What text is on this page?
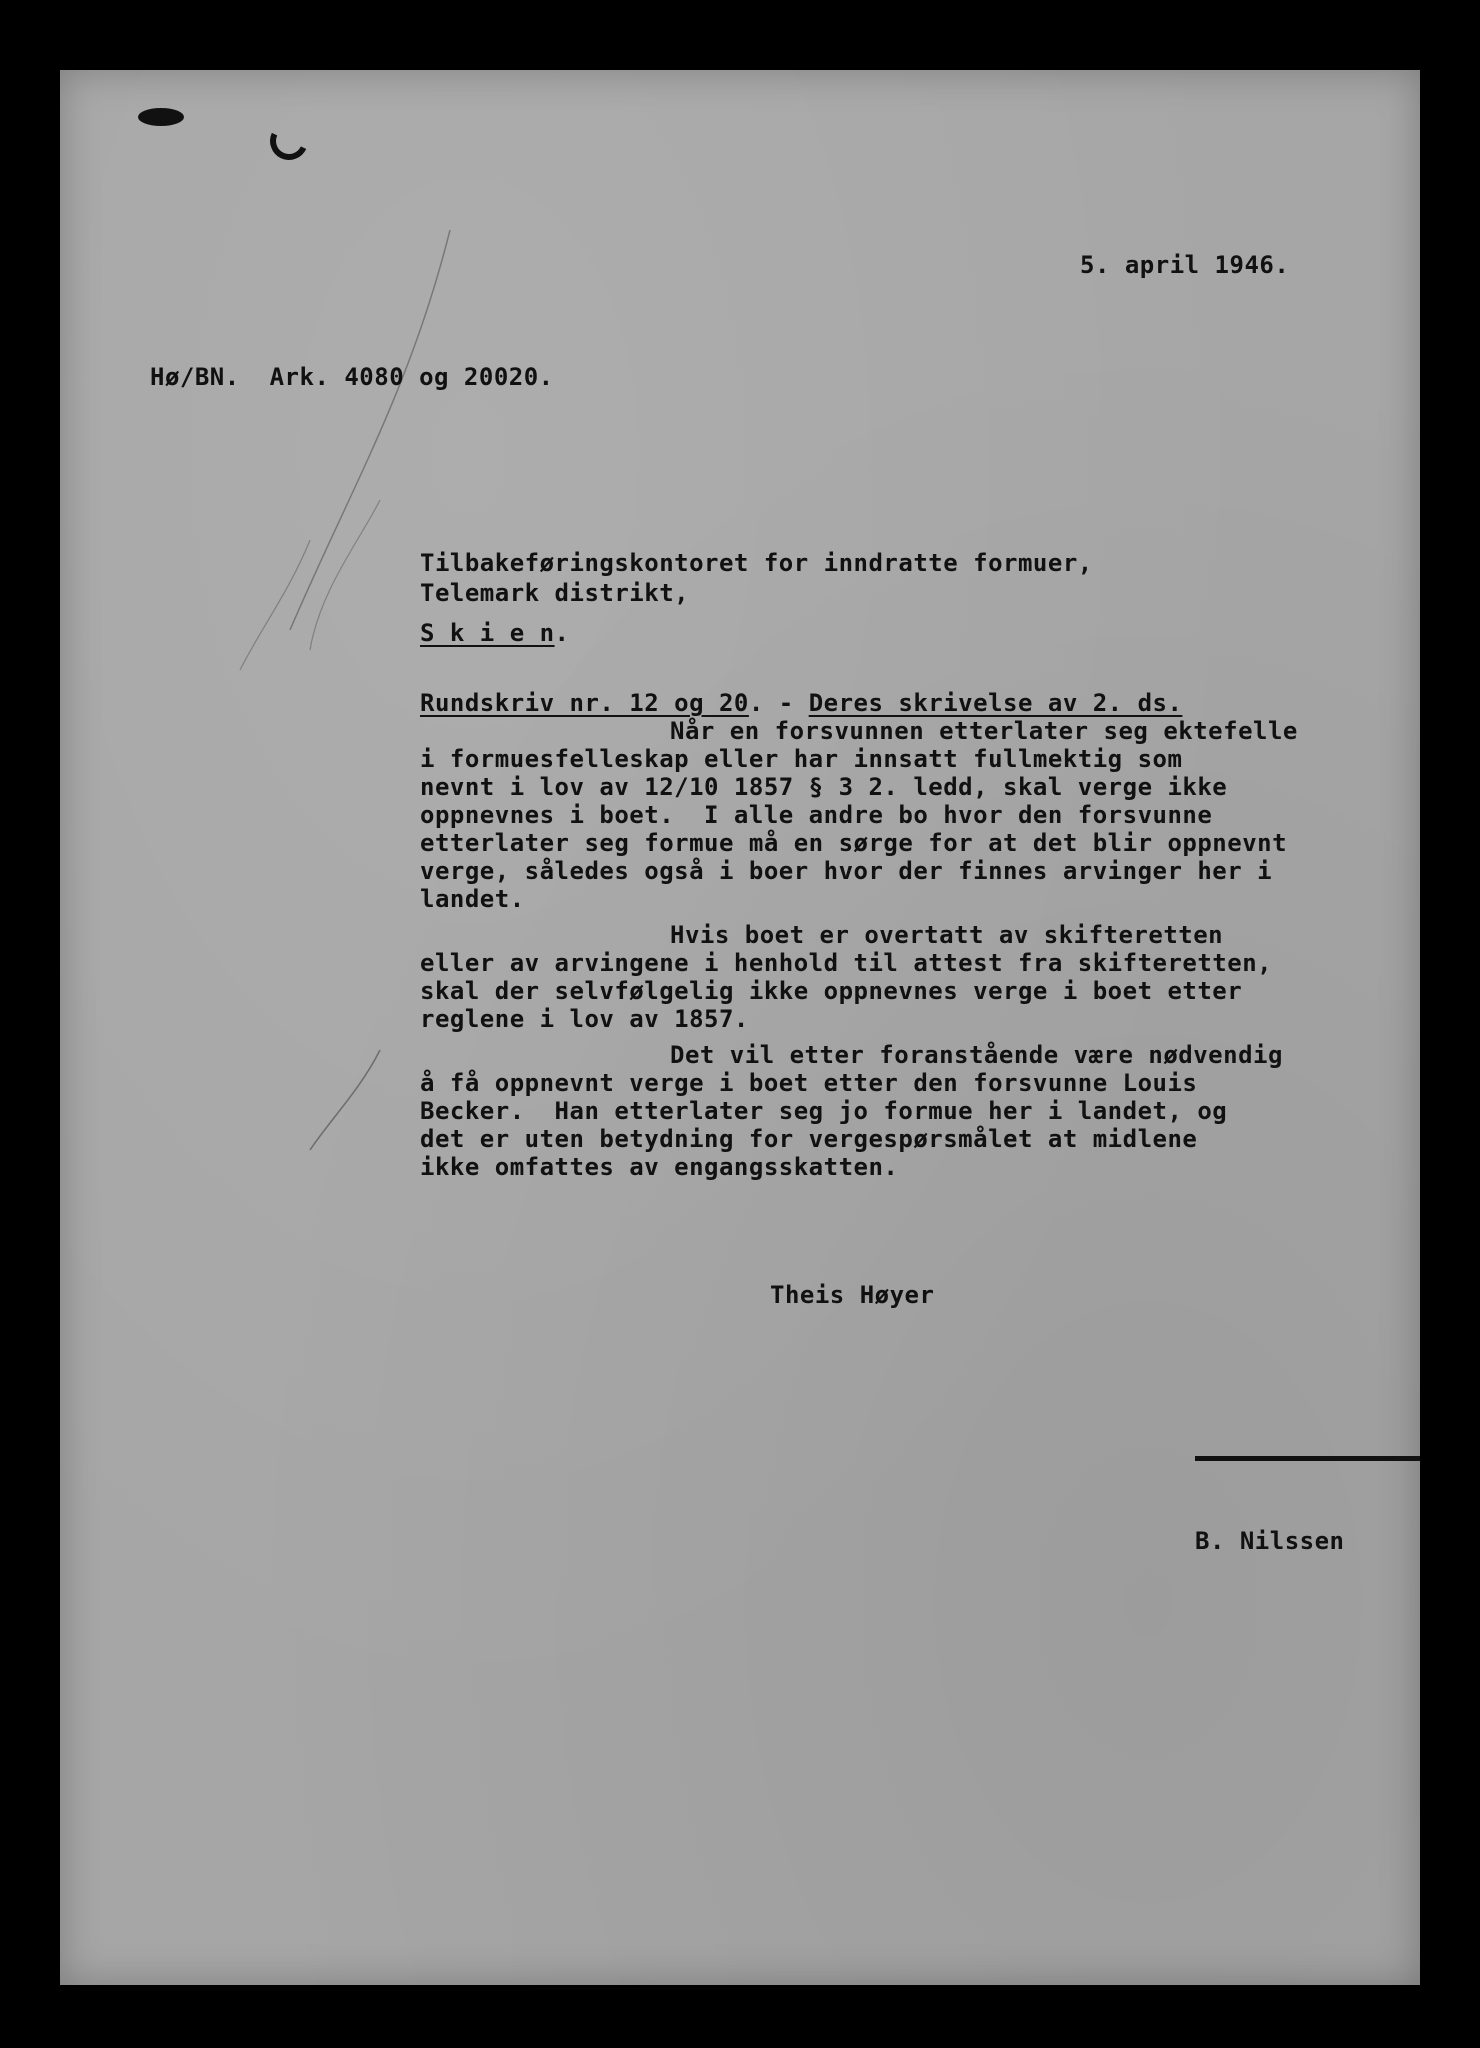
5. april 1946.
Hø/BN.  Ark. 4080 og 20020.
Tilbakeføringskontoret for inndratte formuer,
Telemark distrikt,
S k i e n.
Rundskriv nr. 12 og 20. - Deres skrivelse av 2. ds.
Når en forsvunnen etterlater seg ektefelle
i formuesfelleskap eller har innsatt fullmektig som
nevnt i lov av 12/10 1857 § 3 2. ledd, skal verge ikke
oppnevnes i boet.  I alle andre bo hvor den forsvunne
etterlater seg formue må en sørge for at det blir oppnevnt
verge, således også i boer hvor der finnes arvinger her i
landet.
Hvis boet er overtatt av skifteretten
eller av arvingene i henhold til attest fra skifteretten,
skal der selvfølgelig ikke oppnevnes verge i boet etter
reglene i lov av 1857.
Det vil etter foranstående være nødvendig
å få oppnevnt verge i boet etter den forsvunne Louis
Becker.  Han etterlater seg jo formue her i landet, og
det er uten betydning for vergespørsmålet at midlene
ikke omfattes av engangsskatten.
Theis Høyer
B. Nilssen
